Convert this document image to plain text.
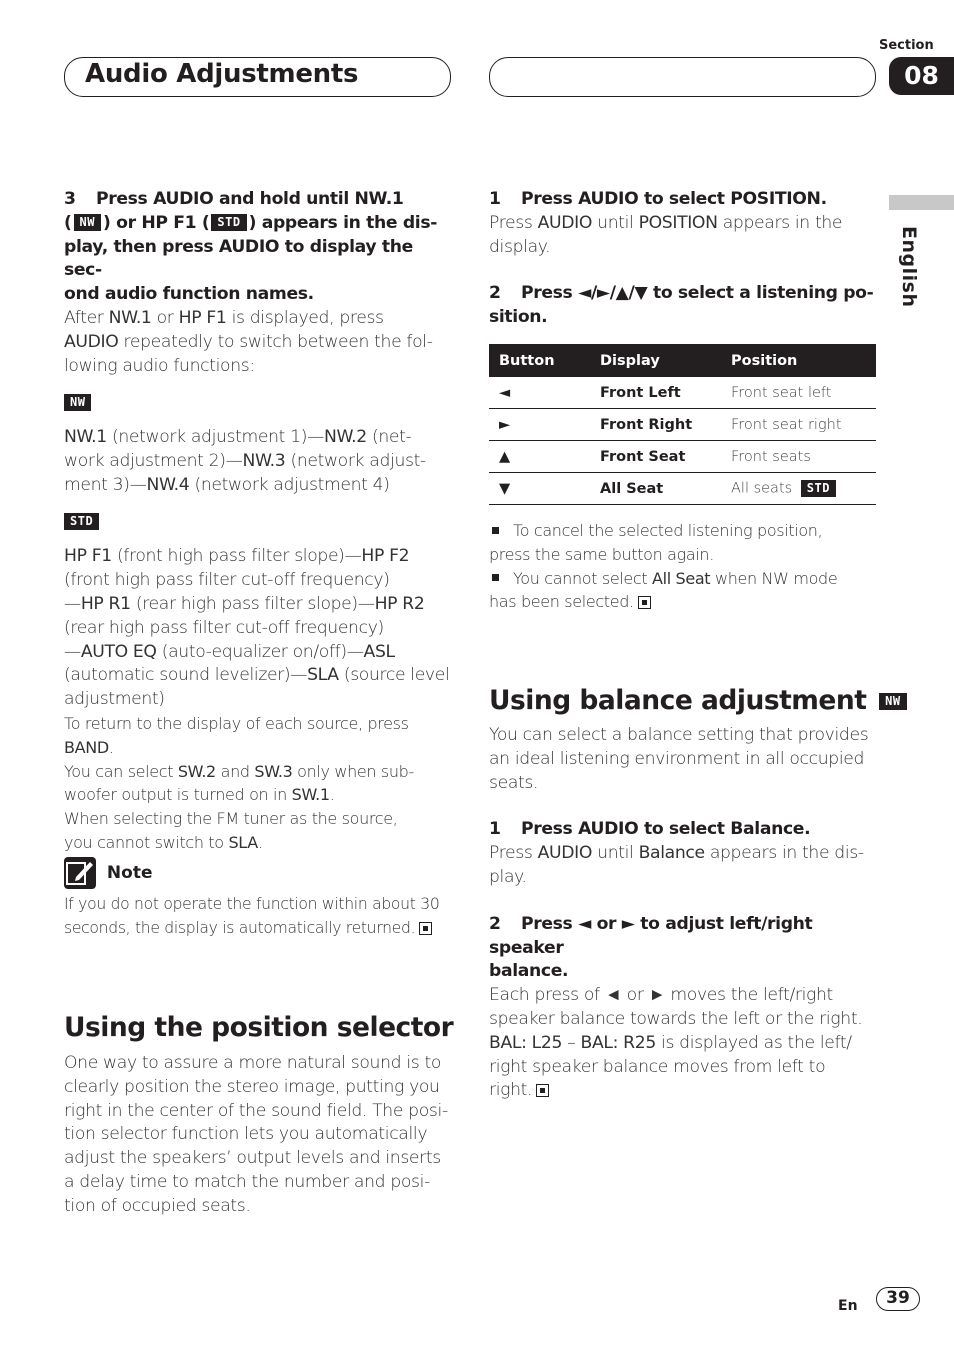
Audio Adjustments
Section
08
English

3 Press AUDIO and hold until NW.1

( NW ) or HP F1 ( STD ) appears in the dis-

play, then press AUDIO to display the sec-

ond audio function names.

After NW.1 or HP F1 is displayed, press

AUDIO repeatedly to switch between the fol-

lowing audio functions:

NW

NW.1 (network adjustment 1)—NW.2 (net-

work adjustment 2)—NW.3 (network adjust-

ment 3)—NW.4 (network adjustment 4)

STD

HP F1 (front high pass filter slope)—HP F2

(front high pass filter cut-off frequency)

—HP R1 (rear high pass filter slope)—HP R2

(rear high pass filter cut-off frequency)

—AUTO EQ (auto-equalizer on/off)—ASL

(automatic sound levelizer)—SLA (source level

adjustment)

To return to the display of each source, press

BAND.

You can select SW.2 and SW.3 only when sub-

woofer output is turned on in SW.1.

When selecting the FM tuner as the source,

you cannot switch to SLA.

Note
If you do not operate the function within about 30
seconds, the display is automatically returned.
Using the position selector
One way to assure a more natural sound is to
clearly position the stereo image, putting you
right in the center of the sound field. The posi-
tion selector function lets you automatically
adjust the speakers’ output levels and inserts
a delay time to match the number and posi-
tion of occupied seats.

1 Press AUDIO to select POSITION.

Press AUDIO until POSITION appears in the

display.

2 Press ◄/►/▲/▼ to select a listening po-

sition.

Button	Display	Position
◄	Front Left	Front seat left
►	Front Right	Front seat right
▲	Front Seat	Front seats
▼	All Seat	All seats STD

To cancel the selected listening position,

press the same button again.

You cannot select All Seat when NW mode

has been selected.

Using balance adjustment NW

You can select a balance setting that provides

an ideal listening environment in all occupied

seats.

1 Press AUDIO to select Balance.

Press AUDIO until Balance appears in the dis-

play.

2 Press ◄ or ► to adjust left/right speaker

balance.

Each press of ◄ or ► moves the left/right

speaker balance towards the left or the right.

BAL: L25 – BAL: R25 is displayed as the left/

right speaker balance moves from left to

right.

En	39
